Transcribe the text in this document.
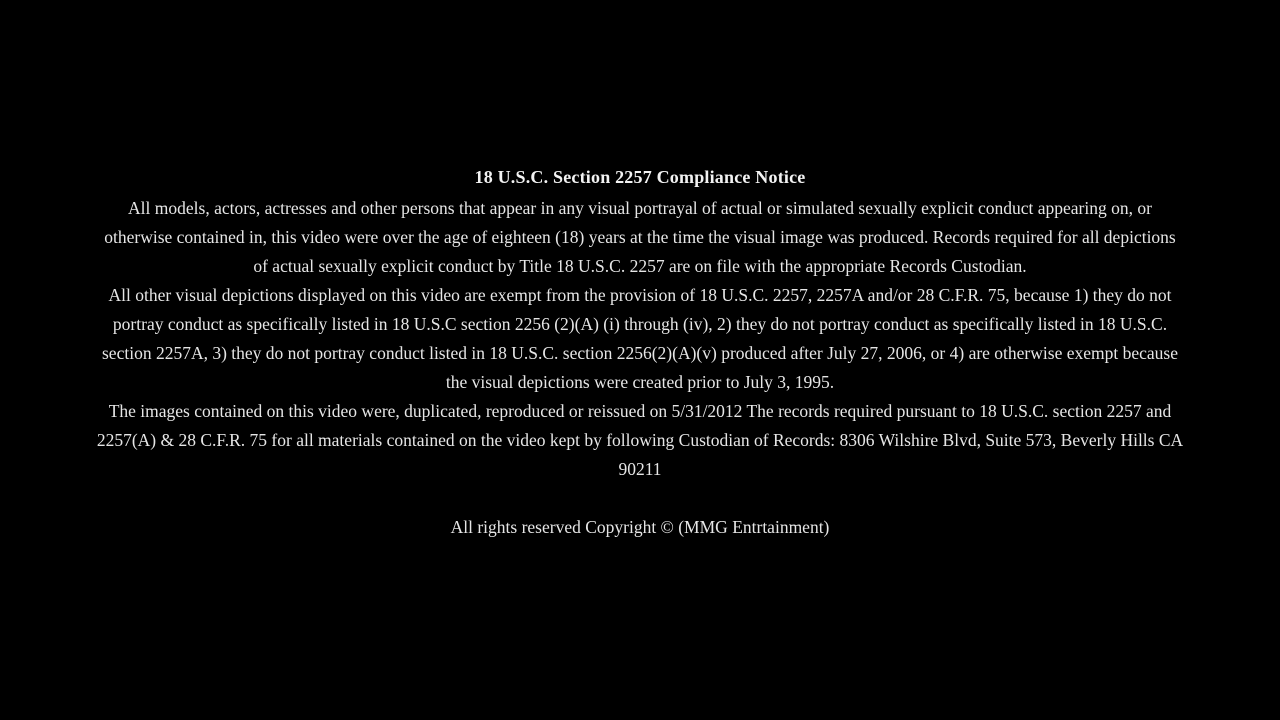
18 U.S.C. Section 2257 Compliance Notice

All models, actors, actresses and other persons that appear in any visual portrayal of actual or simulated sexually explicit conduct appearing on, or otherwise contained in, this video were over the age of eighteen (18) years at the time the visual image was produced. Records required for all depictions of actual sexually explicit conduct by Title 18 U.S.C. 2257 are on file with the appropriate Records Custodian.

All other visual depictions displayed on this video are exempt from the provision of 18 U.S.C. 2257, 2257A and/or 28 C.F.R. 75, because 1) they do not portray conduct as specifically listed in 18 U.S.C section 2256 (2)(A) (i) through (iv), 2) they do not portray conduct as specifically listed in 18 U.S.C. section 2257A, 3) they do not portray conduct listed in 18 U.S.C. section 2256(2)(A)(v) produced after July 27, 2006, or 4) are otherwise exempt because the visual depictions were created prior to July 3, 1995.

The images contained on this video were, duplicated, reproduced or reissued on 5/31/2012 The records required pursuant to 18 U.S.C. section 2257 and 2257(A) & 28 C.F.R. 75 for all materials contained on the video kept by following Custodian of Records: 8306 Wilshire Blvd, Suite 573, Beverly Hills CA 90211

All rights reserved Copyright © (MMG Entrtainment)
